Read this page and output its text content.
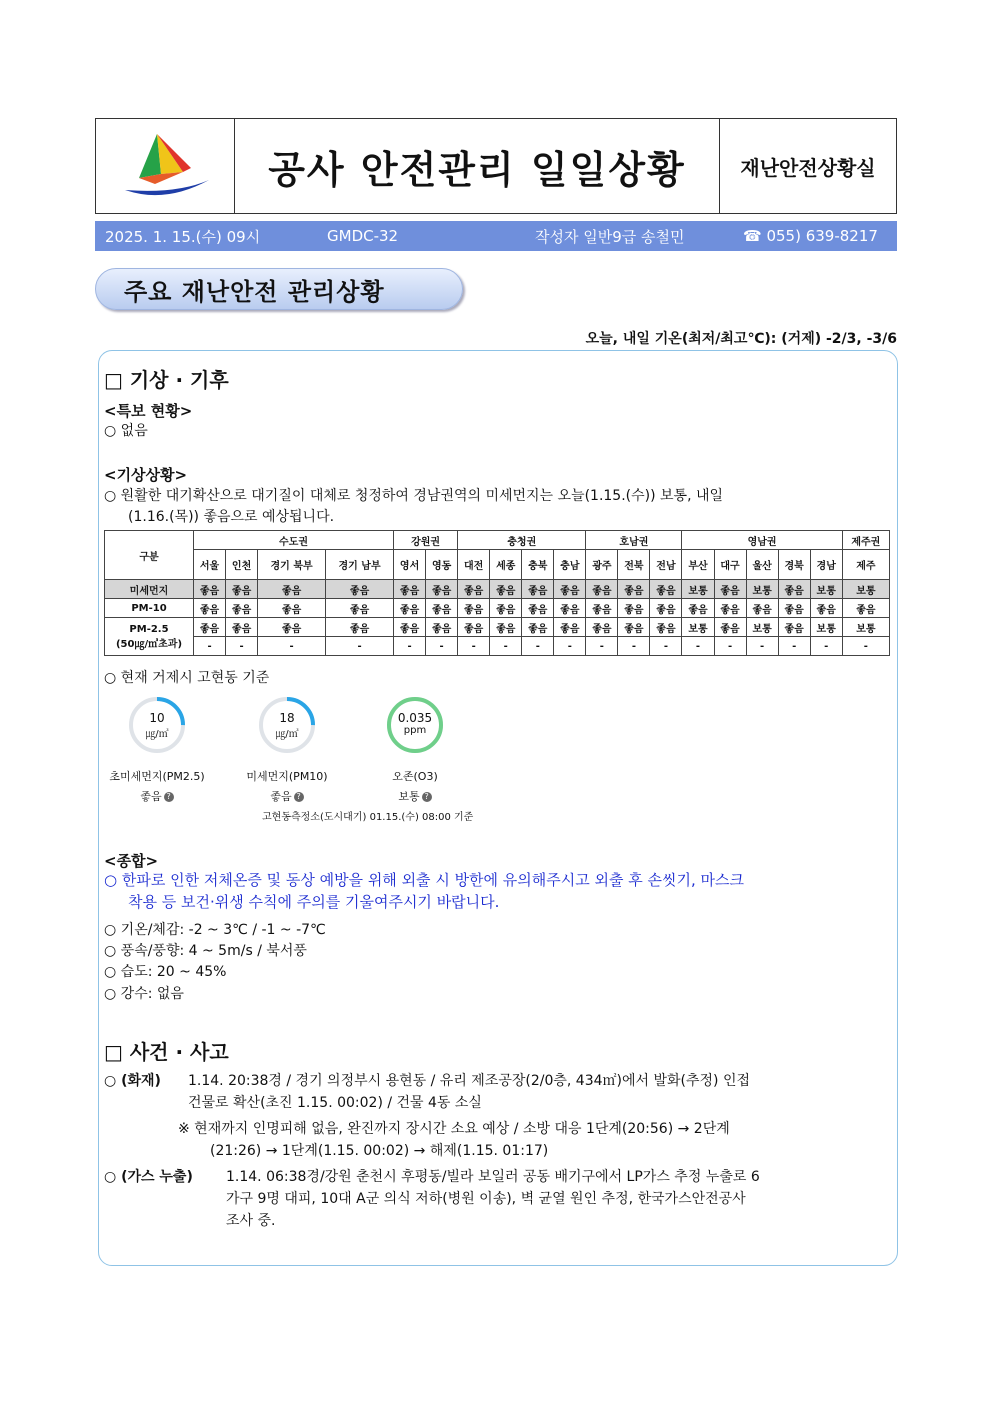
공사 안전관리 일일상황	재난안전상황실
2025. 1. 15.(수) 09시	GMDC-32	작성자 일반9급 송철민	☎ 055) 639-8217
주요 재난안전 관리상황
오늘, 내일 기온(최저/최고℃): (거제) -2/3, -3/6
□ 기상 · 기후
<특보 현황>
○ 없음
<기상상황>
○ 원활한 대기확산으로 대기질이 대체로 청정하여 경남권역의 미세먼지는 오늘(1.15.(수)) 보통, 내일
(1.16.(목)) 좋음으로 예상됩니다.
구분	수도권				강원권		충청권				호남권			영남권					제주권
	서울	인천	경기 북부	경기 남부	영서	영동	대전	세종	충북	충남	광주	전북	전남	부산	대구	울산	경북	경남	제주
미세먼지	좋음	좋음	좋음	좋음	좋음	좋음	좋음	좋음	좋음	좋음	좋음	좋음	좋음	보통	좋음	보통	좋음	보통	보통
PM-10	좋음	좋음	좋음	좋음	좋음	좋음	좋음	좋음	좋음	좋음	좋음	좋음	좋음	좋음	좋음	좋음	좋음	좋음	좋음

PM-2.5
(50㎍/㎥초과)	좋음	좋음	좋음	좋음	좋음	좋음	좋음	좋음	좋음	좋음	좋음	좋음	좋음	보통	좋음	보통	좋음	보통	보통
	-	-	-	-	-	-	-	-	-	-	-	-	-	-	-	-	-	-	-
○ 현재 거제시 고현동 기준
10
㎍/㎥
초미세먼지(PM2.5)
좋음 ?
18
㎍/㎥
미세먼지(PM10)
좋음 ?
0.035
ppm
오존(O3)
보통 ?
고현동측정소(도시대기) 01.15.(수) 08:00 기준
<종합>
○ 한파로 인한 저체온증 및 동상 예방을 위해 외출 시 방한에 유의해주시고 외출 후 손씻기, 마스크
착용 등 보건·위생 수칙에 주의를 기울여주시기 바랍니다.
○ 기온/체감: -2 ~ 3℃ / -1 ~ -7℃
○ 풍속/풍향: 4 ~ 5m/s / 북서풍
○ 습도: 20 ~ 45%
○ 강수: 없음
□ 사건 · 사고
○ (화재) 1.14. 20:38경 / 경기 의정부시 용현동 / 유리 제조공장(2/0층, 434㎡)에서 발화(추정) 인접
건물로 확산(초진 1.15. 00:02) / 건물 4동 소실
※ 현재까지 인명피해 없음, 완진까지 장시간 소요 예상 / 소방 대응 1단계(20:56) → 2단계
(21:26) → 1단계(1.15. 00:02) → 해제(1.15. 01:17)
○ (가스 누출) 1.14. 06:38경/강원 춘천시 후평동/빌라 보일러 공동 배기구에서 LP가스 추정 누출로 6
가구 9명 대피, 10대 A군 의식 저하(병원 이송), 벽 균열 원인 추정, 한국가스안전공사
조사 중.
